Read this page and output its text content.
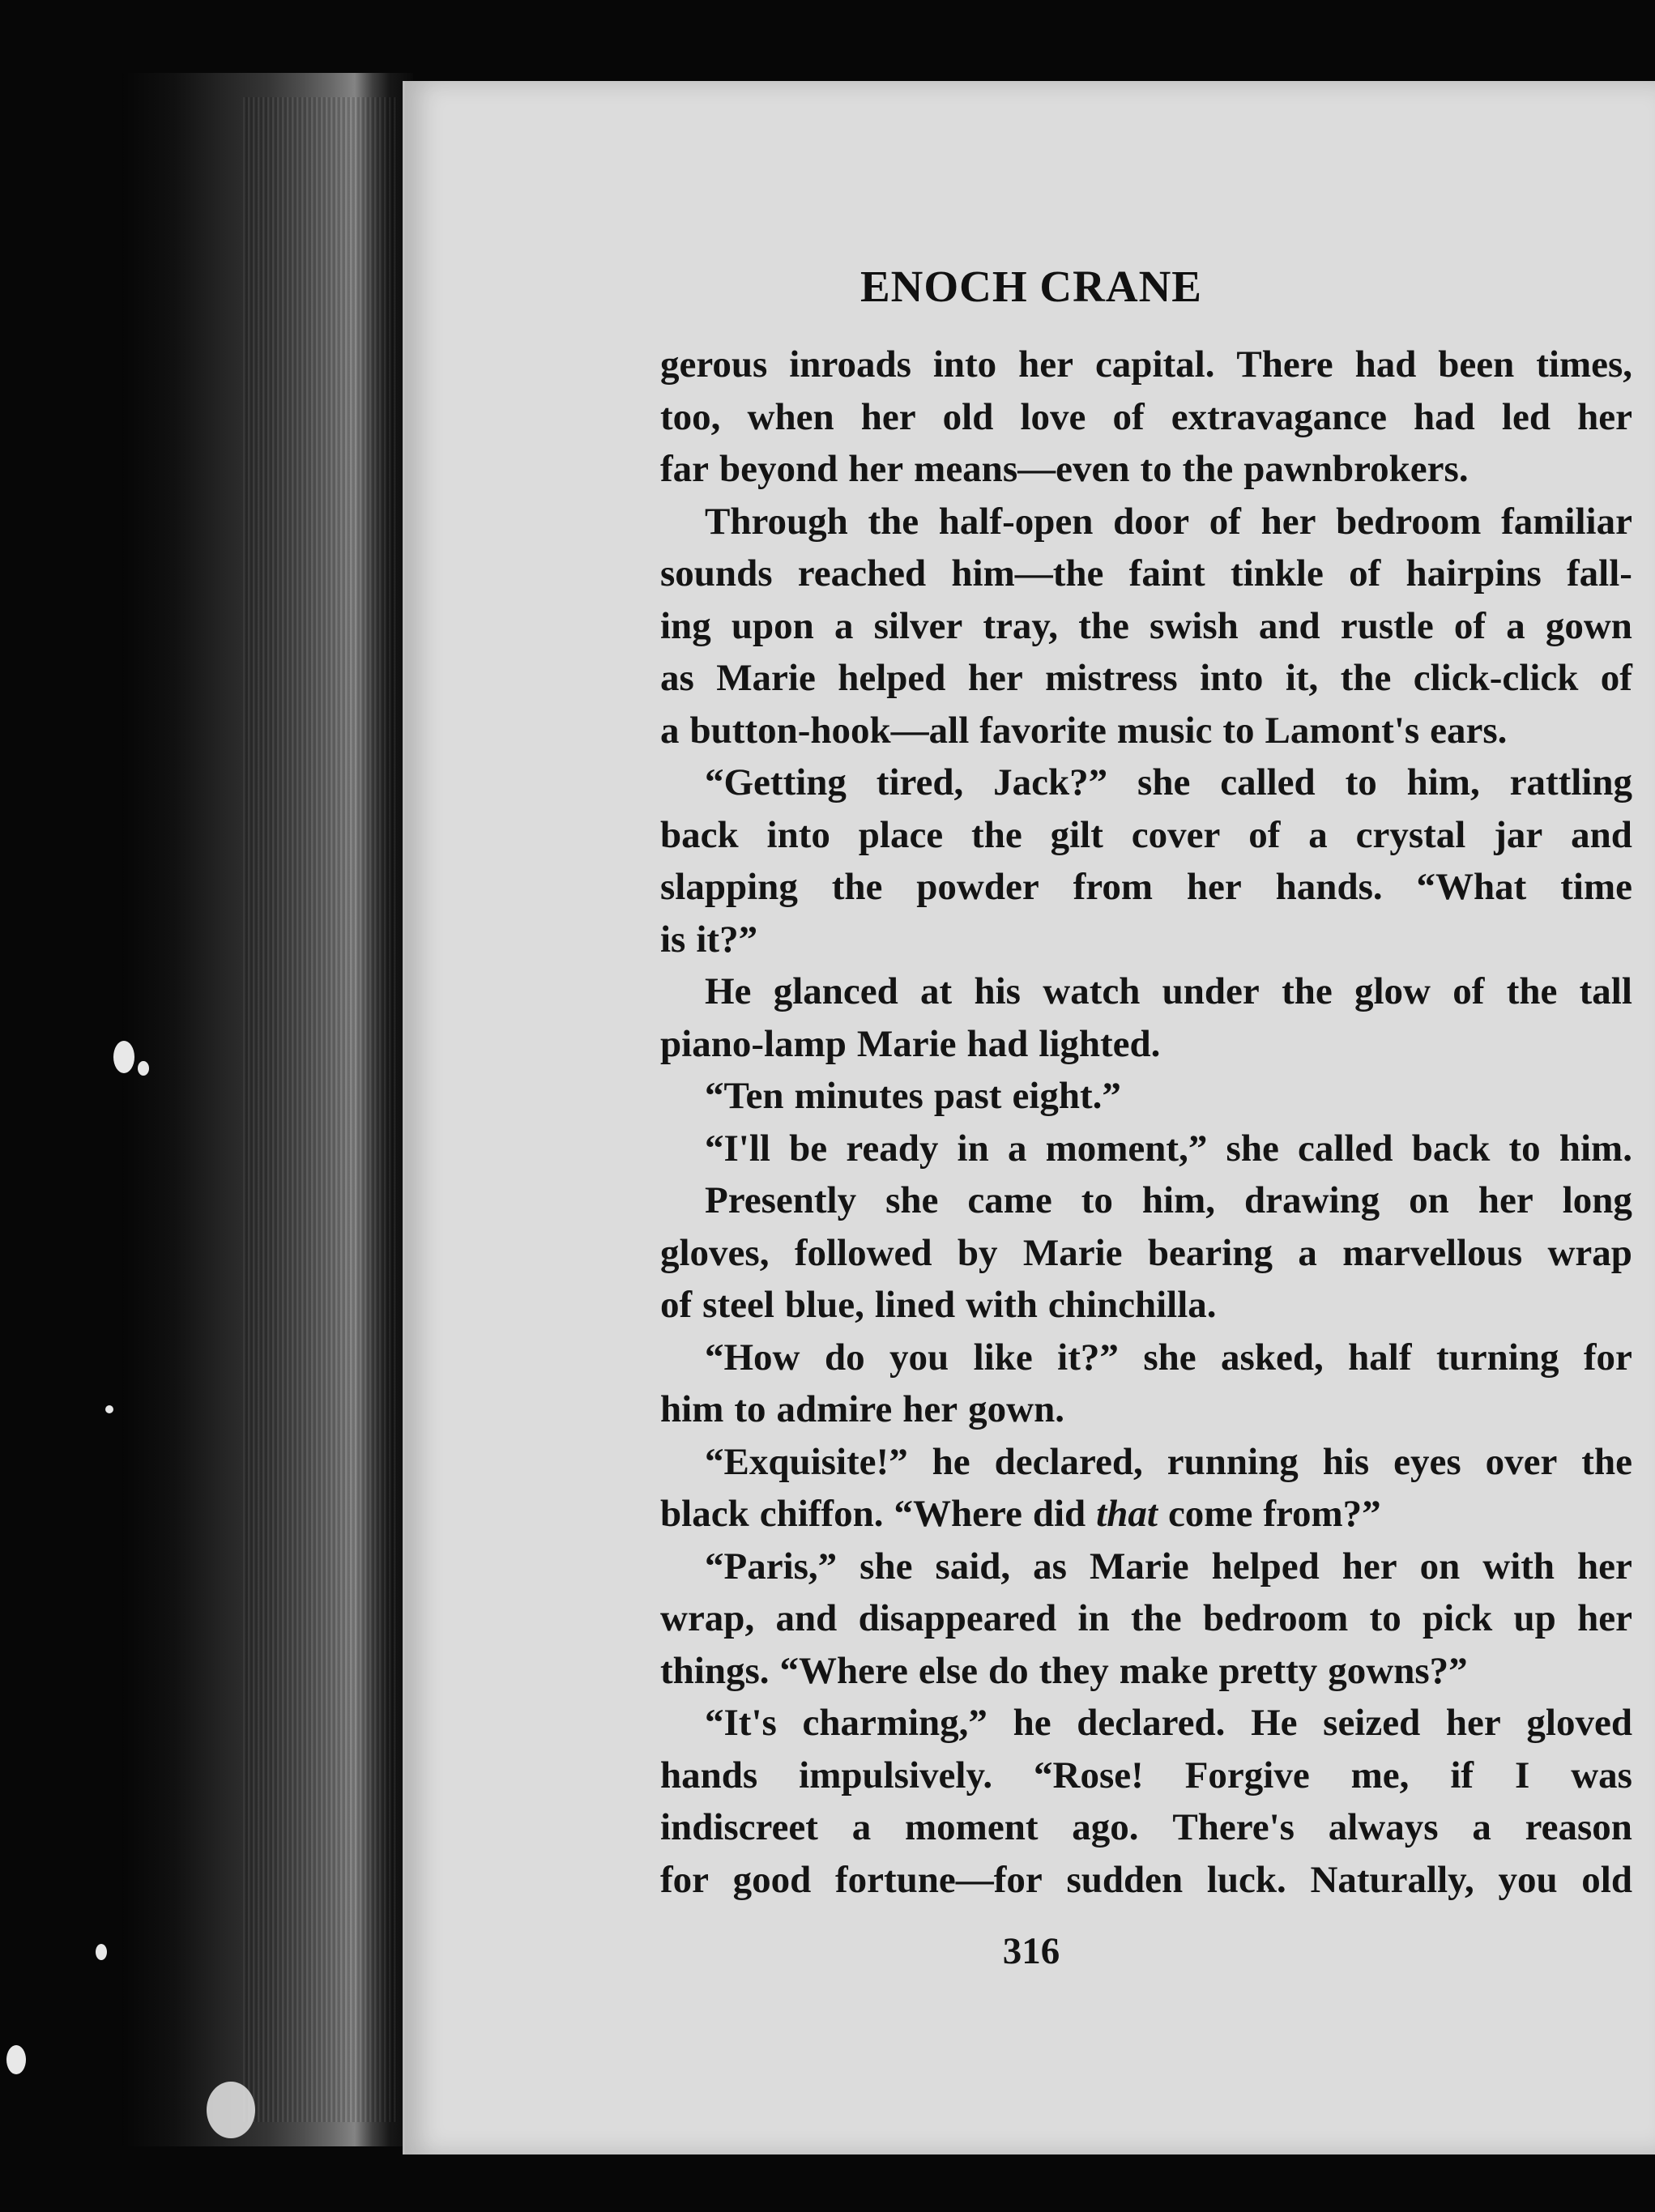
ENOCH CRANE
gerous inroads into her capital. There had been times,
too, when her old love of extravagance had led her
far beyond her means—even to the pawnbrokers.
Through the half-open door of her bedroom familiar
sounds reached him—the faint tinkle of hairpins fall-
ing upon a silver tray, the swish and rustle of a gown
as Marie helped her mistress into it, the click-click of
a button-hook—all favorite music to Lamont's ears.
“Getting tired, Jack?” she called to him, rattling
back into place the gilt cover of a crystal jar and
slapping the powder from her hands. “What time
is it?”
He glanced at his watch under the glow of the tall
piano-lamp Marie had lighted.
“Ten minutes past eight.”
“I'll be ready in a moment,” she called back to him.
Presently she came to him, drawing on her long
gloves, followed by Marie bearing a marvellous wrap
of steel blue, lined with chinchilla.
“How do you like it?” she asked, half turning for
him to admire her gown.
“Exquisite!” he declared, running his eyes over the
black chiffon. “Where did that come from?”
“Paris,” she said, as Marie helped her on with her
wrap, and disappeared in the bedroom to pick up her
things. “Where else do they make pretty gowns?”
“It's charming,” he declared. He seized her gloved
hands impulsively. “Rose! Forgive me, if I was
indiscreet a moment ago. There's always a reason
for good fortune—for sudden luck. Naturally, you old
316
